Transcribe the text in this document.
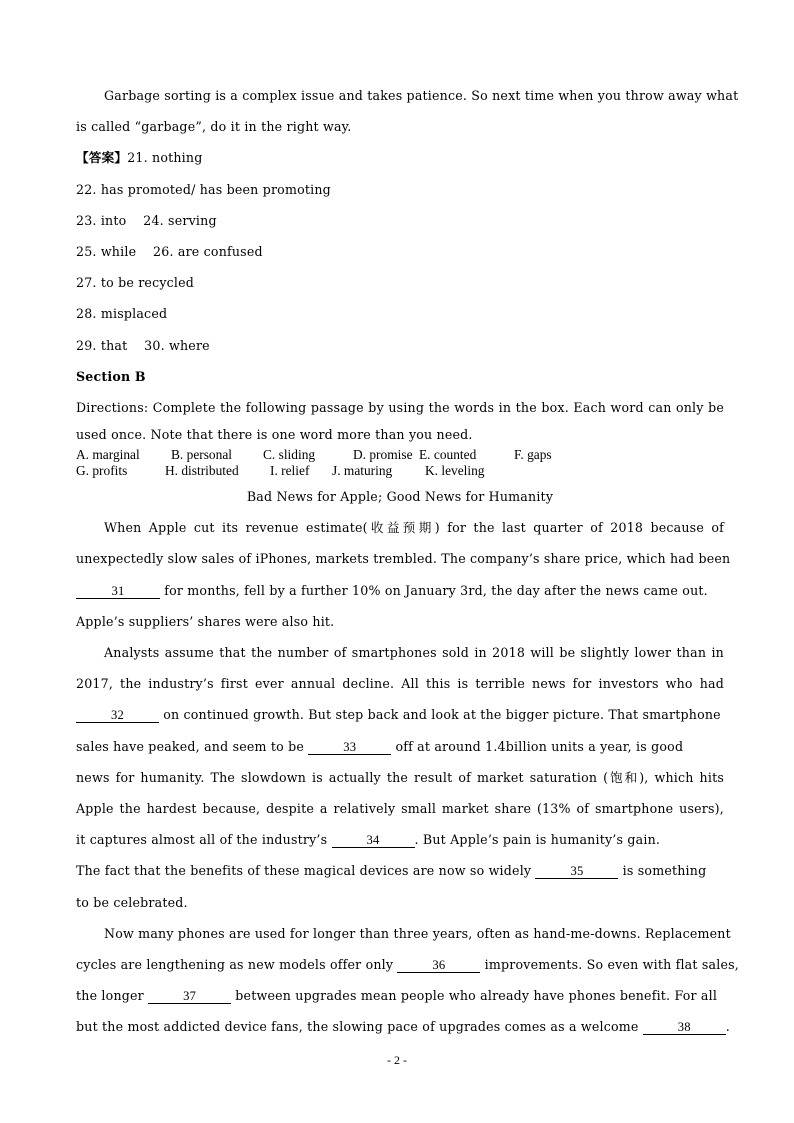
Garbage sorting is a complex issue and takes patience. So next time when you throw away what
is called “garbage”, do it in the right way.
【答案】21. nothing
22. has promoted/ has been promoting
23. into    24. serving
25. while    26. are confused
27. to be recycled
28. misplaced
29. that    30. where
Section B
Directions: Complete the following passage by using the words in the box. Each word can only be
used once. Note that there is one word more than you need.
A. marginal B. personal C. sliding	D. promise E. counted	F. gaps
G. profits	H. distributed I. relief J. maturing K. leveling
Bad News for Apple; Good News for Humanity
When Apple cut its revenue estimate(收益预期) for the last quarter of 2018 because of
unexpectedly slow sales of iPhones, markets trembled. The company’s share price, which had been
31	for months, fell by a further 10% on January 3rd, the day after the news came out.
Apple’s suppliers’ shares were also hit.
Analysts assume that the number of smartphones sold in 2018 will be slightly lower than in
2017, the industry’s first ever annual decline. All this is terrible news for investors who had
32	on continued growth. But step back and look at the bigger picture. That smartphone
sales have peaked, and seem to be	33	off at around 1.4billion units a year, is good
news for humanity. The slowdown is actually the result of market saturation (饱和), which hits
Apple the hardest because, despite a relatively small market share (13% of smartphone users),
it captures almost all of the industry’s	34	. But Apple’s pain is humanity’s gain.
The fact that the benefits of these magical devices are now so widely	35	is something
to be celebrated.
Now many phones are used for longer than three years, often as hand-me-downs. Replacement
cycles are lengthening as new models offer only	36	improvements. So even with flat sales,
the longer	37	between upgrades mean people who already have phones benefit. For all
but the most addicted device fans, the slowing pace of upgrades comes as a welcome	38	.
- 2 -
